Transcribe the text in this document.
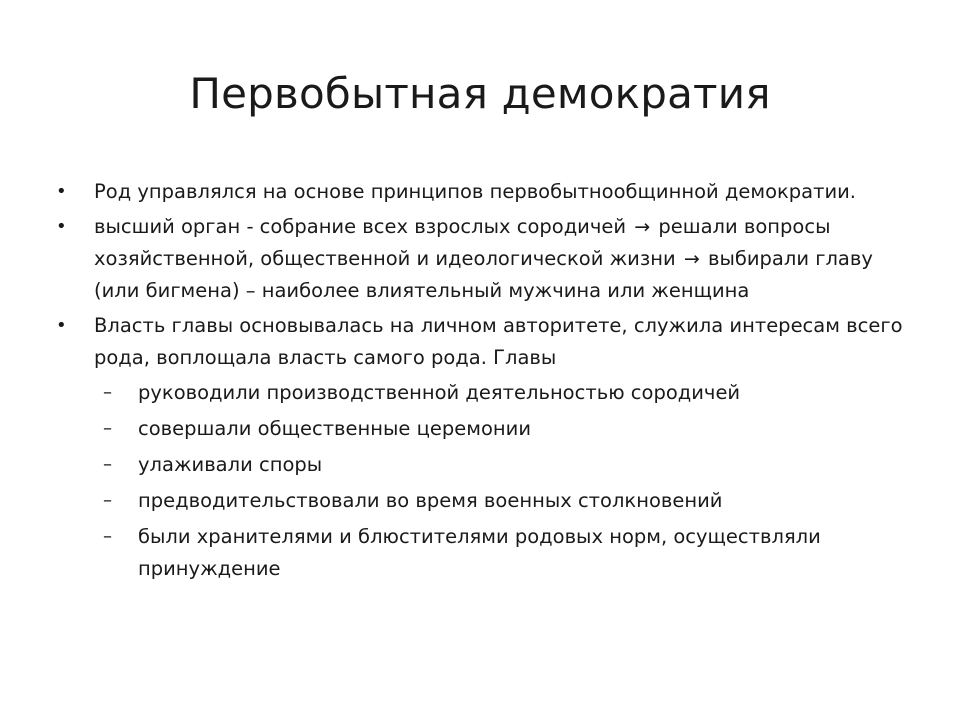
Первобытная демократия
•	Род управлялся на основе принципов первобытнообщинной демократии.
•	высший орган - собрание всех взрослых сородичей → решали вопросы хозяйственной, общественной и идеологической жизни → выбирали главу (или бигмена) – наиболее влиятельный мужчина или женщина
•	Власть главы основывалась на личном авторитете, служила интересам всего рода, воплощала власть самого рода. Главы
–	руководили производственной деятельностью сородичей
–	совершали общественные церемонии
–	улаживали споры
–	предводительствовали во время военных столкновений
–	были хранителями и блюстителями родовых норм, осуществляли принуждение
